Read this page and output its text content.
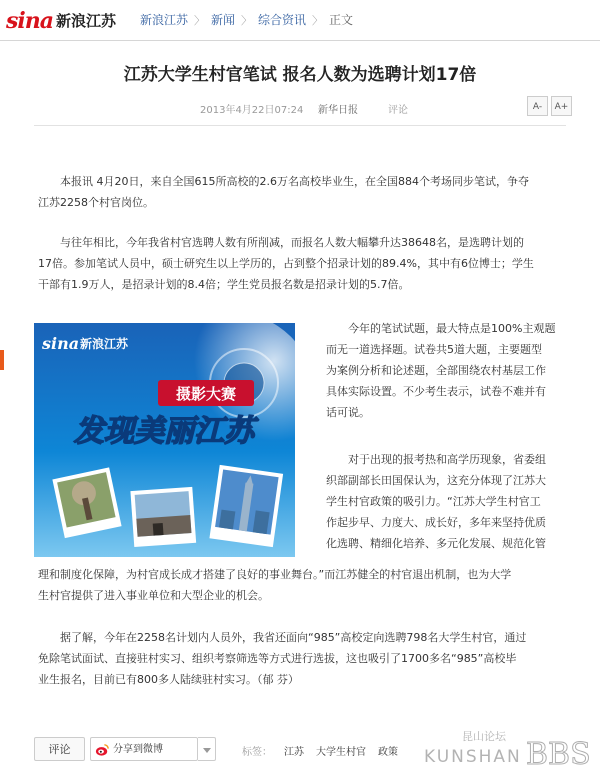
sina 新浪江苏 新浪江苏 〉 新闻 〉 综合资讯 〉 正文
江苏大学生村官笔试 报名人数为选聘计划17倍
2013年4月22日07:24 新华日报	评论	A-	A+

本报讯 4月20日，来自全国615所高校的2.6万名高校毕业生，在全国884个考场同步笔试，争夺
江苏2258个村官岗位。

与往年相比，今年我省村官选聘人数有所削减，而报名人数大幅攀升达38648名，是选聘计划的
17倍。参加笔试人员中，硕士研究生以上学历的，占到整个招录计划的89.4%，其中有6位博士；学生
干部有1.9万人，是招录计划的8.4倍；学生党员报名数是招录计划的5.7倍。

今年的笔试试题，最大特点是100%主观题
而无一道选择题。试卷共5道大题，主要题型
为案例分析和论述题，全部围绕农村基层工作
具体实际设置。不少考生表示，试卷不难并有
话可说。

对于出现的报考热和高学历现象，省委组
织部副部长田国保认为，这充分体现了江苏大
学生村官政策的吸引力。“江苏大学生村官工
作起步早、力度大、成长好，多年来坚持优质
化选聘、精细化培养、多元化发展、规范化管

理和制度化保障，为村官成长成才搭建了良好的事业舞台。”而江苏健全的村官退出机制，也为大学
生村官提供了进入事业单位和大型企业的机会。

据了解，今年在2258名计划内人员外，我省还面向“985”高校定向选聘798名大学生村官，通过
免除笔试面试、直接驻村实习、组织考察筛选等方式进行选拔，这也吸引了1700多名“985”高校毕
业生报名，目前已有800多人陆续驻村实习。（郁 芬）

sina 新浪江苏
摄影大赛
发现美丽江苏
评论	分享到微博	标签： 江苏 大学生村官 政策
昆山论坛
KUNSHAN BBS
